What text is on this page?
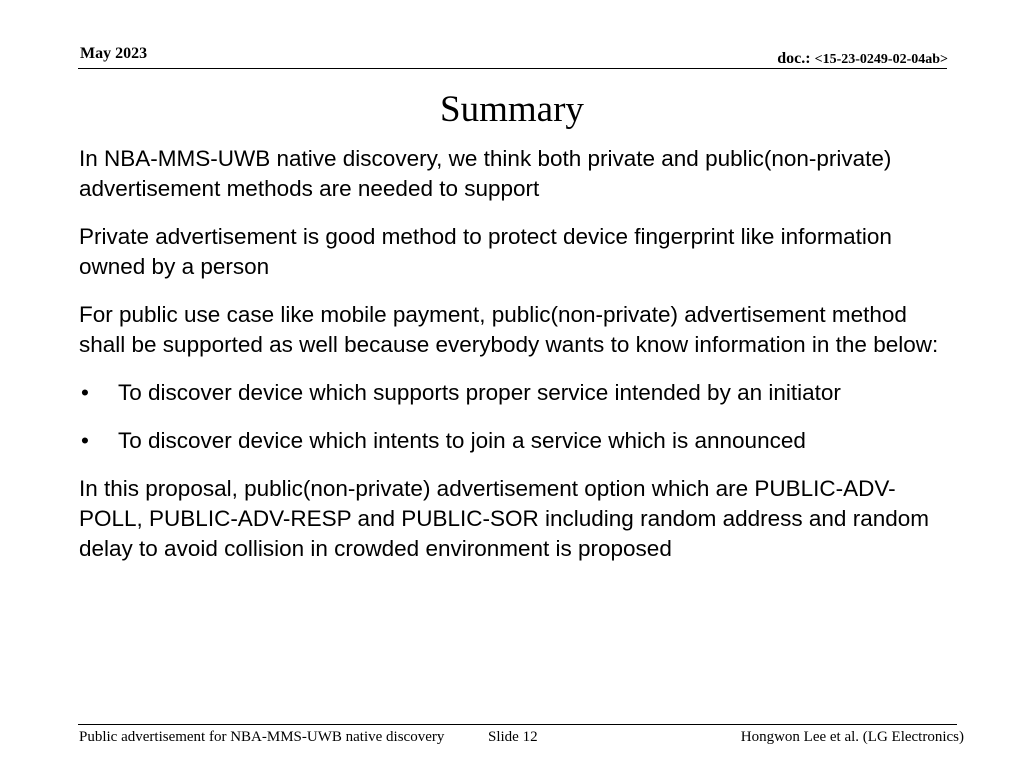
May 2023	doc.: <15-23-0249-02-04ab>
Summary

In NBA-MMS-UWB native discovery, we think both private and public(non-private) advertisement methods are needed to support

Private advertisement is good method to protect device fingerprint like information owned by a person

For public use case like mobile payment, public(non-private) advertisement method shall be supported as well because everybody wants to know information in the below:

• To discover device which supports proper service intended by an initiator
• To discover device which intents to join a service which is announced

In this proposal, public(non-private) advertisement option which are PUBLIC-ADV-POLL, PUBLIC-ADV-RESP and PUBLIC-SOR including random address and random delay to avoid collision in crowded environment is proposed

Public advertisement for NBA-MMS-UWB native discovery	Slide 12	Hongwon Lee et al. (LG Electronics)
